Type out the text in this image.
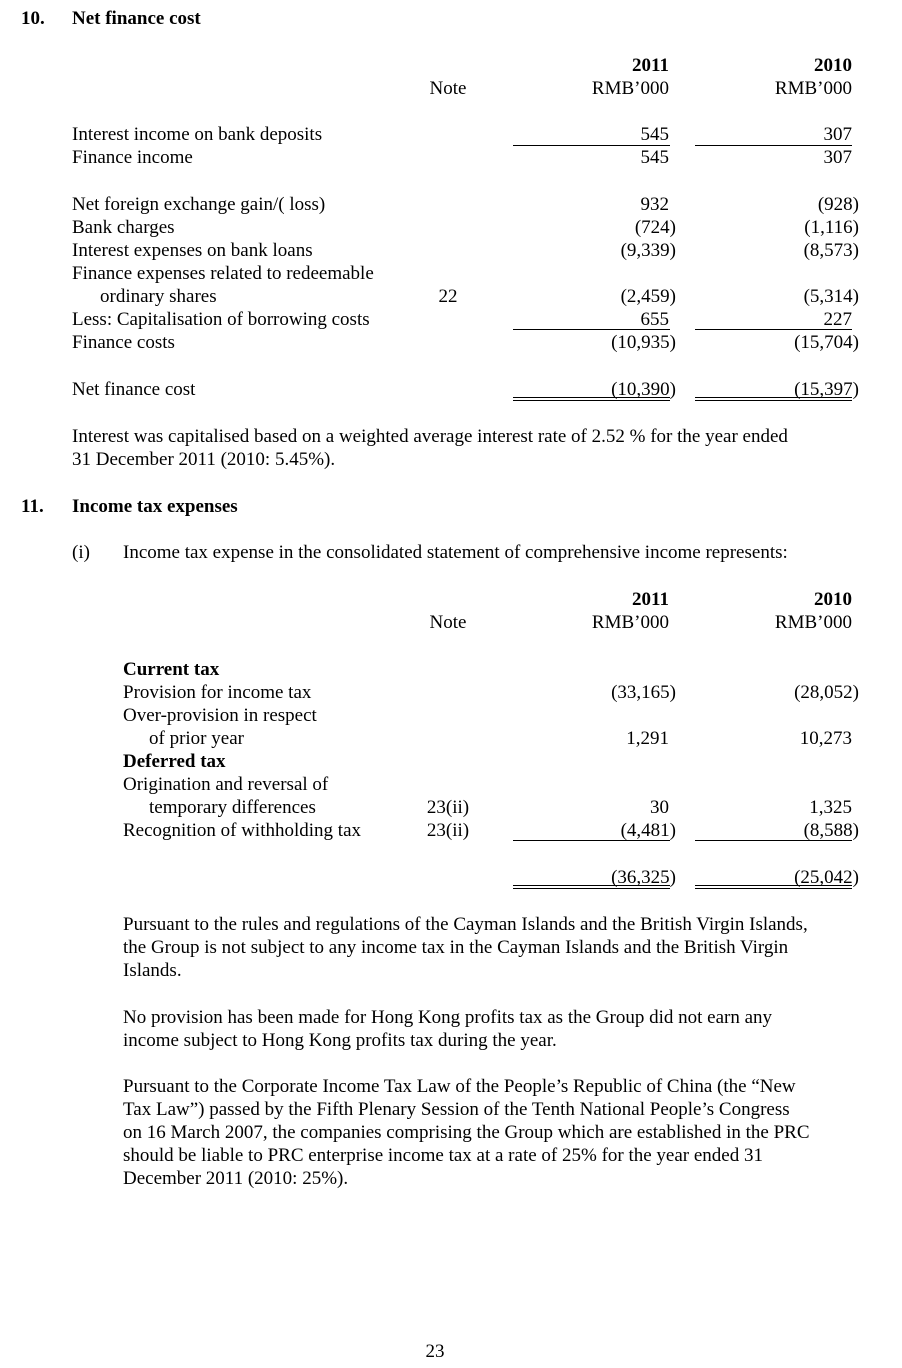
10. Net finance cost
2011	2010
Note	RMB’000	RMB’000
Interest income on bank deposits	545	307
Finance income	545	307
Net foreign exchange gain/( loss)	932	(928)
Bank charges	(724)	(1,116)
Interest expenses on bank loans	(9,339)	(8,573)
Finance expenses related to redeemable
ordinary shares	22	(2,459)	(5,314)
Less: Capitalisation of borrowing costs	655	227
Finance costs	(10,935)	(15,704)
Net finance cost	(10,390)	(15,397)
Interest was capitalised based on a weighted average interest rate of 2.52 % for the year ended
31 December 2011 (2010: 5.45%).
11. Income tax expenses
(i) Income tax expense in the consolidated statement of comprehensive income represents:
2011	2010
Note	RMB’000	RMB’000
Current tax
Provision for income tax	(33,165)	(28,052)
Over-provision in respect
of prior year	1,291	10,273
Deferred tax
Origination and reversal of
temporary differences	23(ii)	30	1,325
Recognition of withholding tax	23(ii)	(4,481)	(8,588)
(36,325)	(25,042)
Pursuant to the rules and regulations of the Cayman Islands and the British Virgin Islands,
the Group is not subject to any income tax in the Cayman Islands and the British Virgin
Islands.
No provision has been made for Hong Kong profits tax as the Group did not earn any
income subject to Hong Kong profits tax during the year.
Pursuant to the Corporate Income Tax Law of the People’s Republic of China (the “New
Tax Law”) passed by the Fifth Plenary Session of the Tenth National People’s Congress
on 16 March 2007, the companies comprising the Group which are established in the PRC
should be liable to PRC enterprise income tax at a rate of 25% for the year ended 31
December 2011 (2010: 25%).
23
